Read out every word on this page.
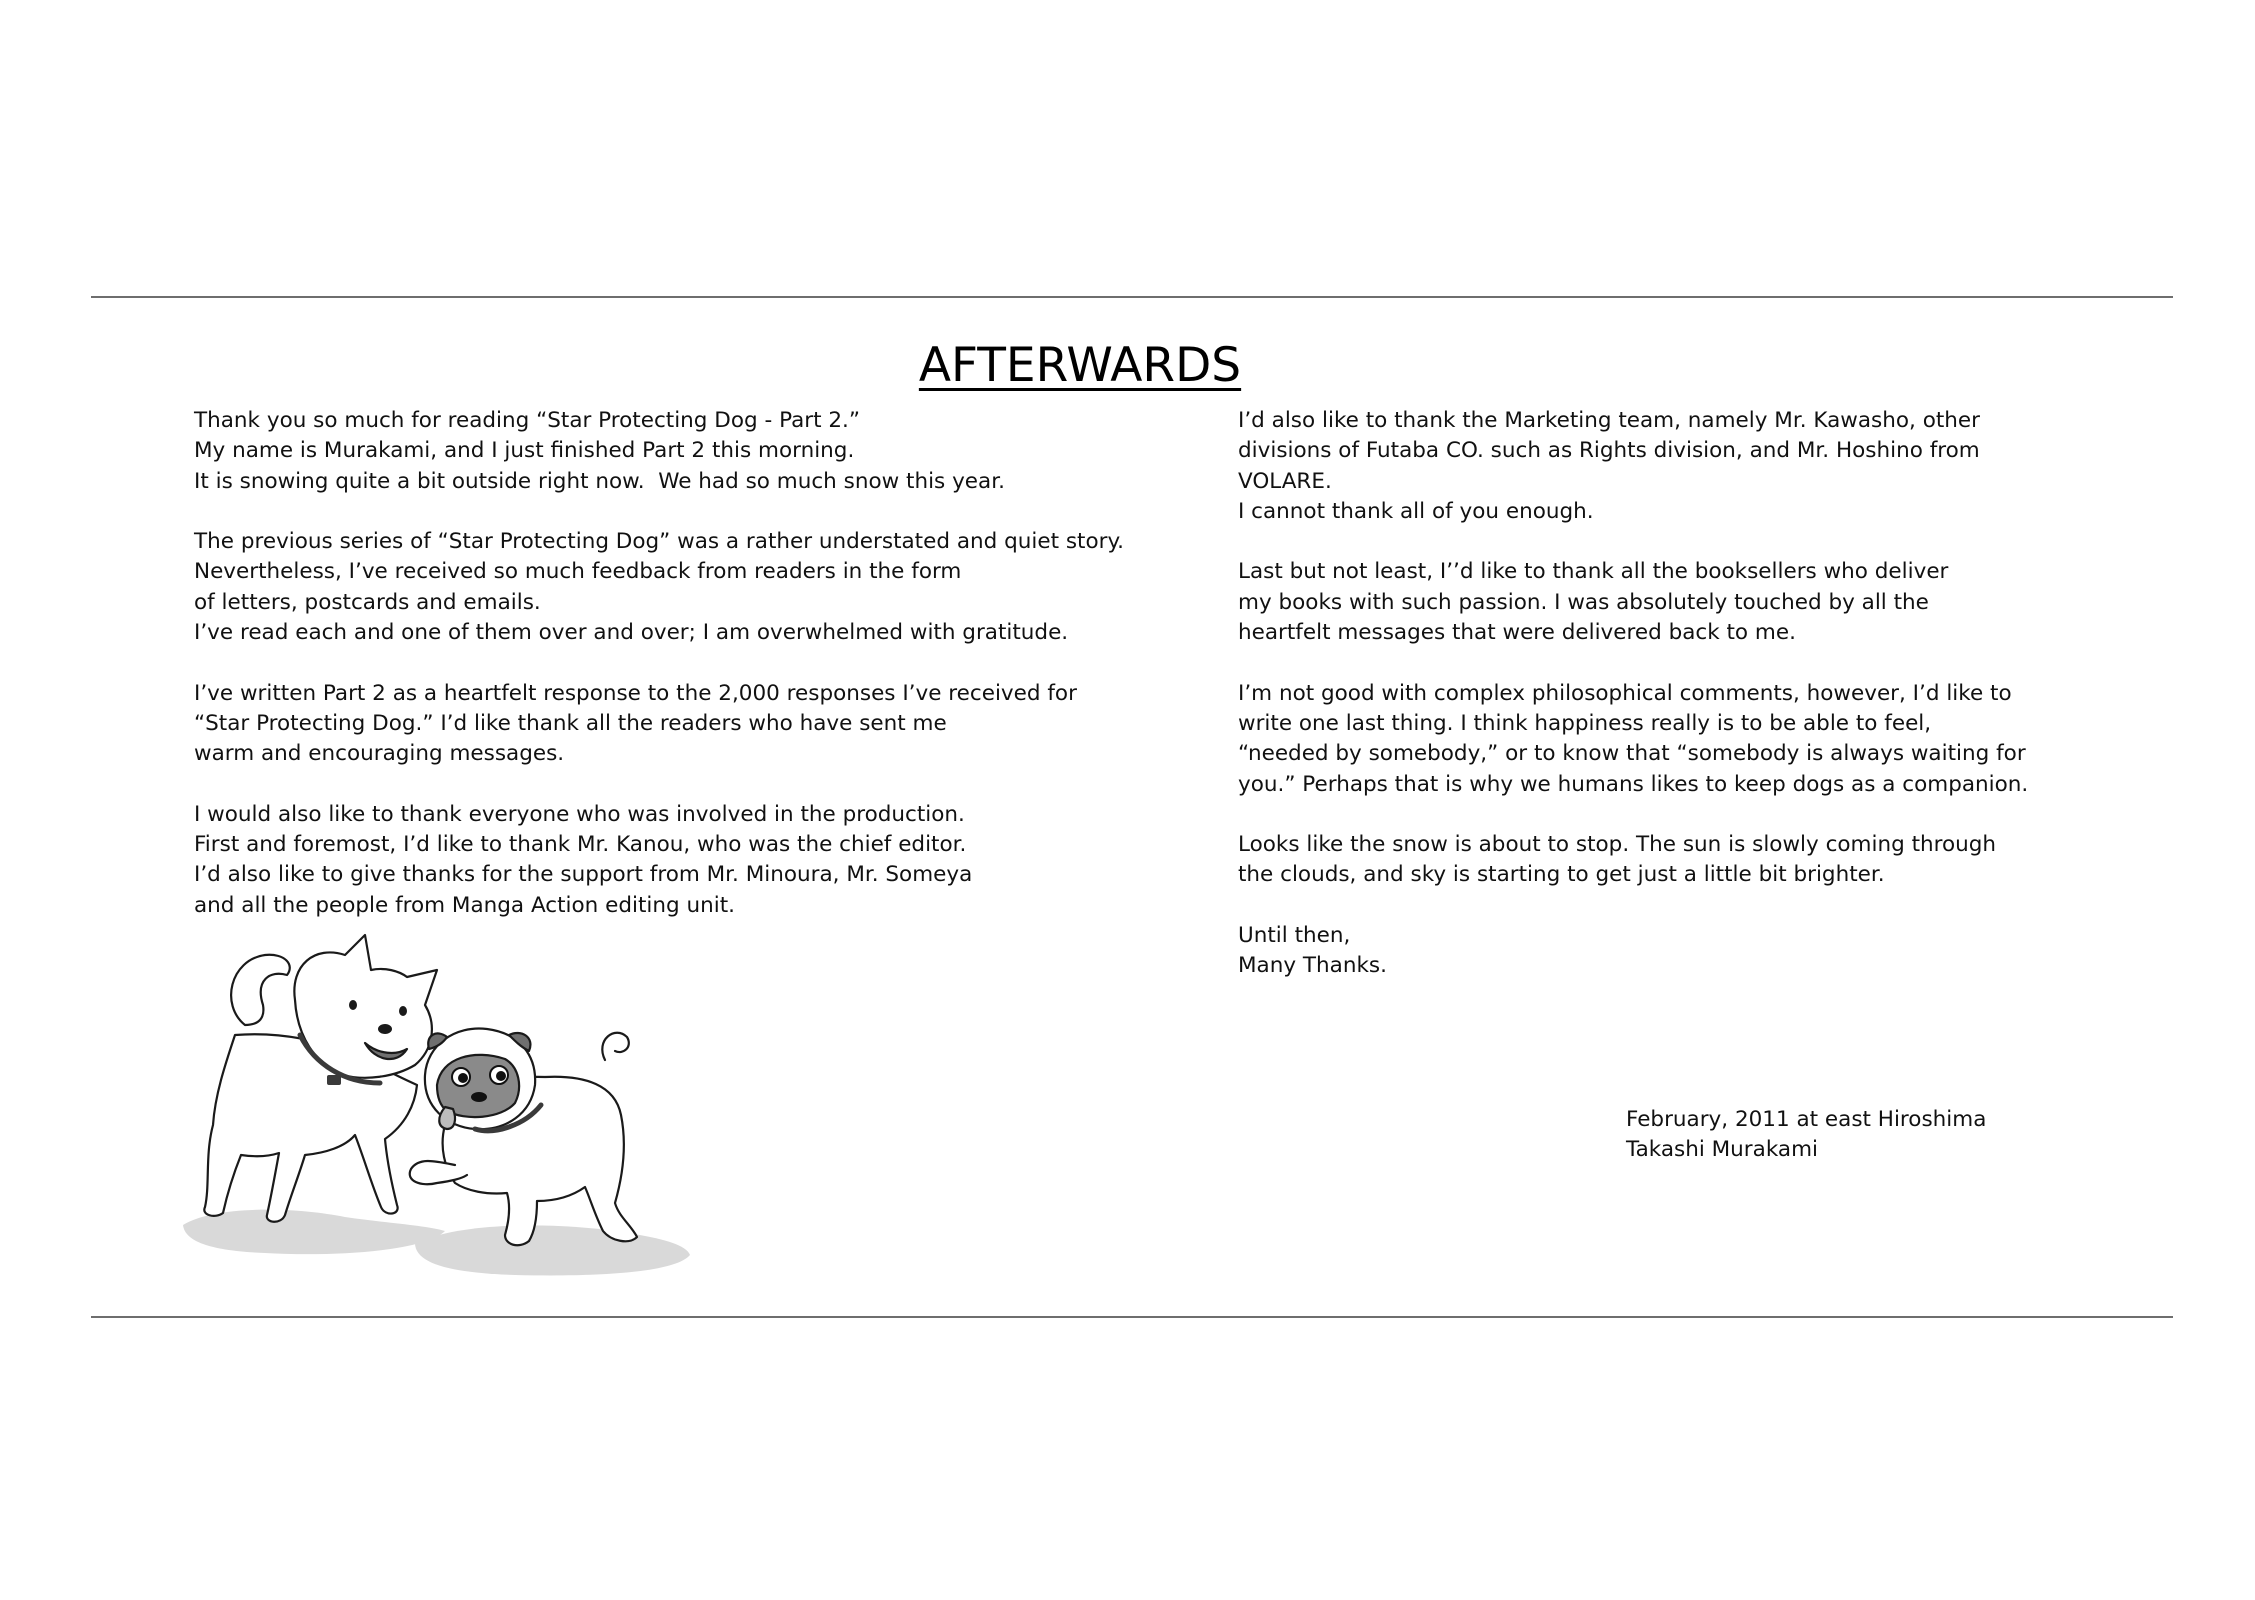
AFTERWARDS

Thank you so much for reading “Star Protecting Dog - Part 2.”
My name is Murakami, and I just finished Part 2 this morning.
It is snowing quite a bit outside right now.  We had so much snow this year.

The previous series of “Star Protecting Dog” was a rather understated and quiet story.
Nevertheless, I’ve received so much feedback from readers in the form
of letters, postcards and emails.
I’ve read each and one of them over and over; I am overwhelmed with gratitude.

I’ve written Part 2 as a heartfelt response to the 2,000 responses I’ve received for
“Star Protecting Dog.” I’d like thank all the readers who have sent me
warm and encouraging messages.

I would also like to thank everyone who was involved in the production.
First and foremost, I’d like to thank Mr. Kanou, who was the chief editor.
I’d also like to give thanks for the support from Mr. Minoura, Mr. Someya
and all the people from Manga Action editing unit.

I’d also like to thank the Marketing team, namely Mr. Kawasho, other
divisions of Futaba CO. such as Rights division, and Mr. Hoshino from
VOLARE.
I cannot thank all of you enough.

Last but not least, I’’d like to thank all the booksellers who deliver
my books with such passion. I was absolutely touched by all the
heartfelt messages that were delivered back to me.

I’m not good with complex philosophical comments, however, I’d like to
write one last thing. I think happiness really is to be able to feel,
“needed by somebody,” or to know that “somebody is always waiting for
you.” Perhaps that is why we humans likes to keep dogs as a companion.

Looks like the snow is about to stop. The sun is slowly coming through
the clouds, and sky is starting to get just a little bit brighter.

Until then,
Many Thanks.

February, 2011 at east Hiroshima
Takashi Murakami
